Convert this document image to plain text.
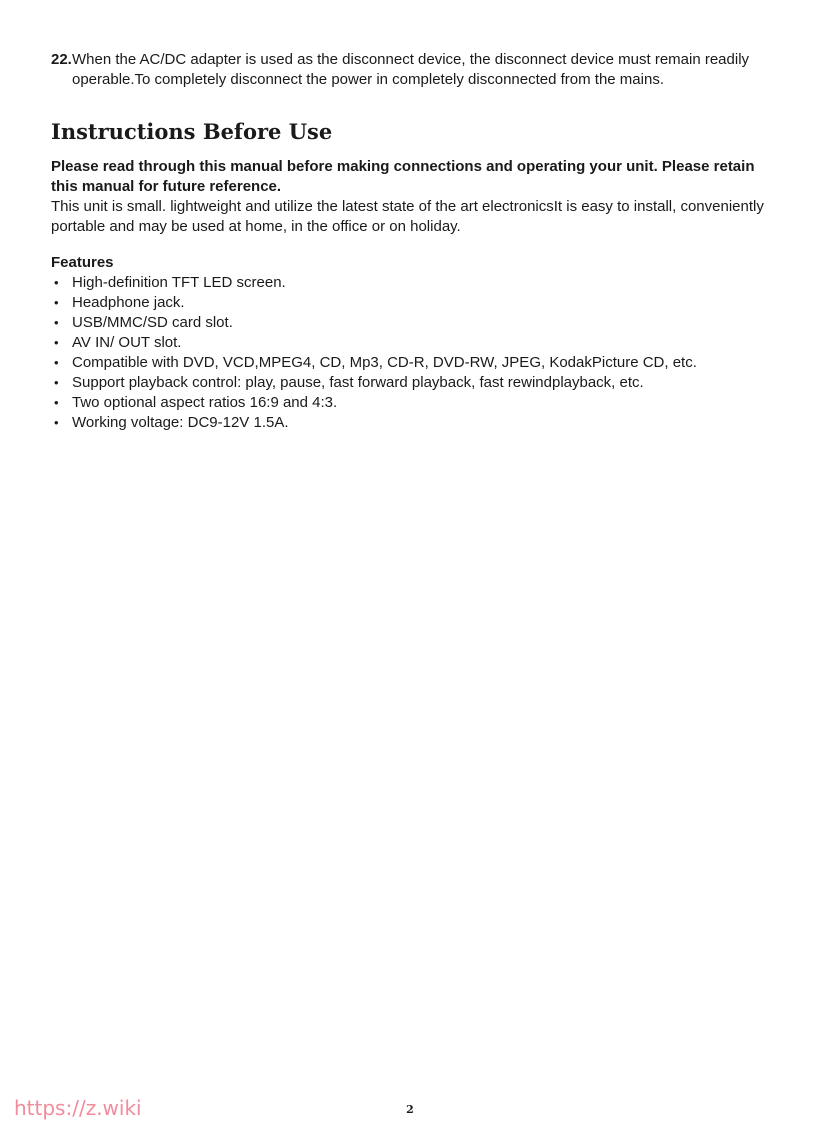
22. When the AC/DC adapter is used as the disconnect device, the disconnect device must remain readily operable.To completely disconnect the power in completely disconnected from the mains.
Instructions Before Use
Please read through this manual before making connections and operating your unit. Please retain this manual for future reference.
This unit is small. lightweight and utilize the latest state of the art electronicsIt is easy to install, conveniently portable and may be used at home, in the office or on holiday.
Features
• High-definition TFT LED screen.
• Headphone jack.
• USB/MMC/SD card slot.
• AV IN/ OUT slot.
• Compatible with DVD, VCD,MPEG4, CD, Mp3, CD-R, DVD-RW, JPEG, KodakPicture CD, etc.
• Support playback control: play, pause, fast forward playback, fast rewindplayback, etc.
• Two optional aspect ratios 16:9 and 4:3.
• Working voltage: DC9-12V 1.5A.
https://z.wiki	2
